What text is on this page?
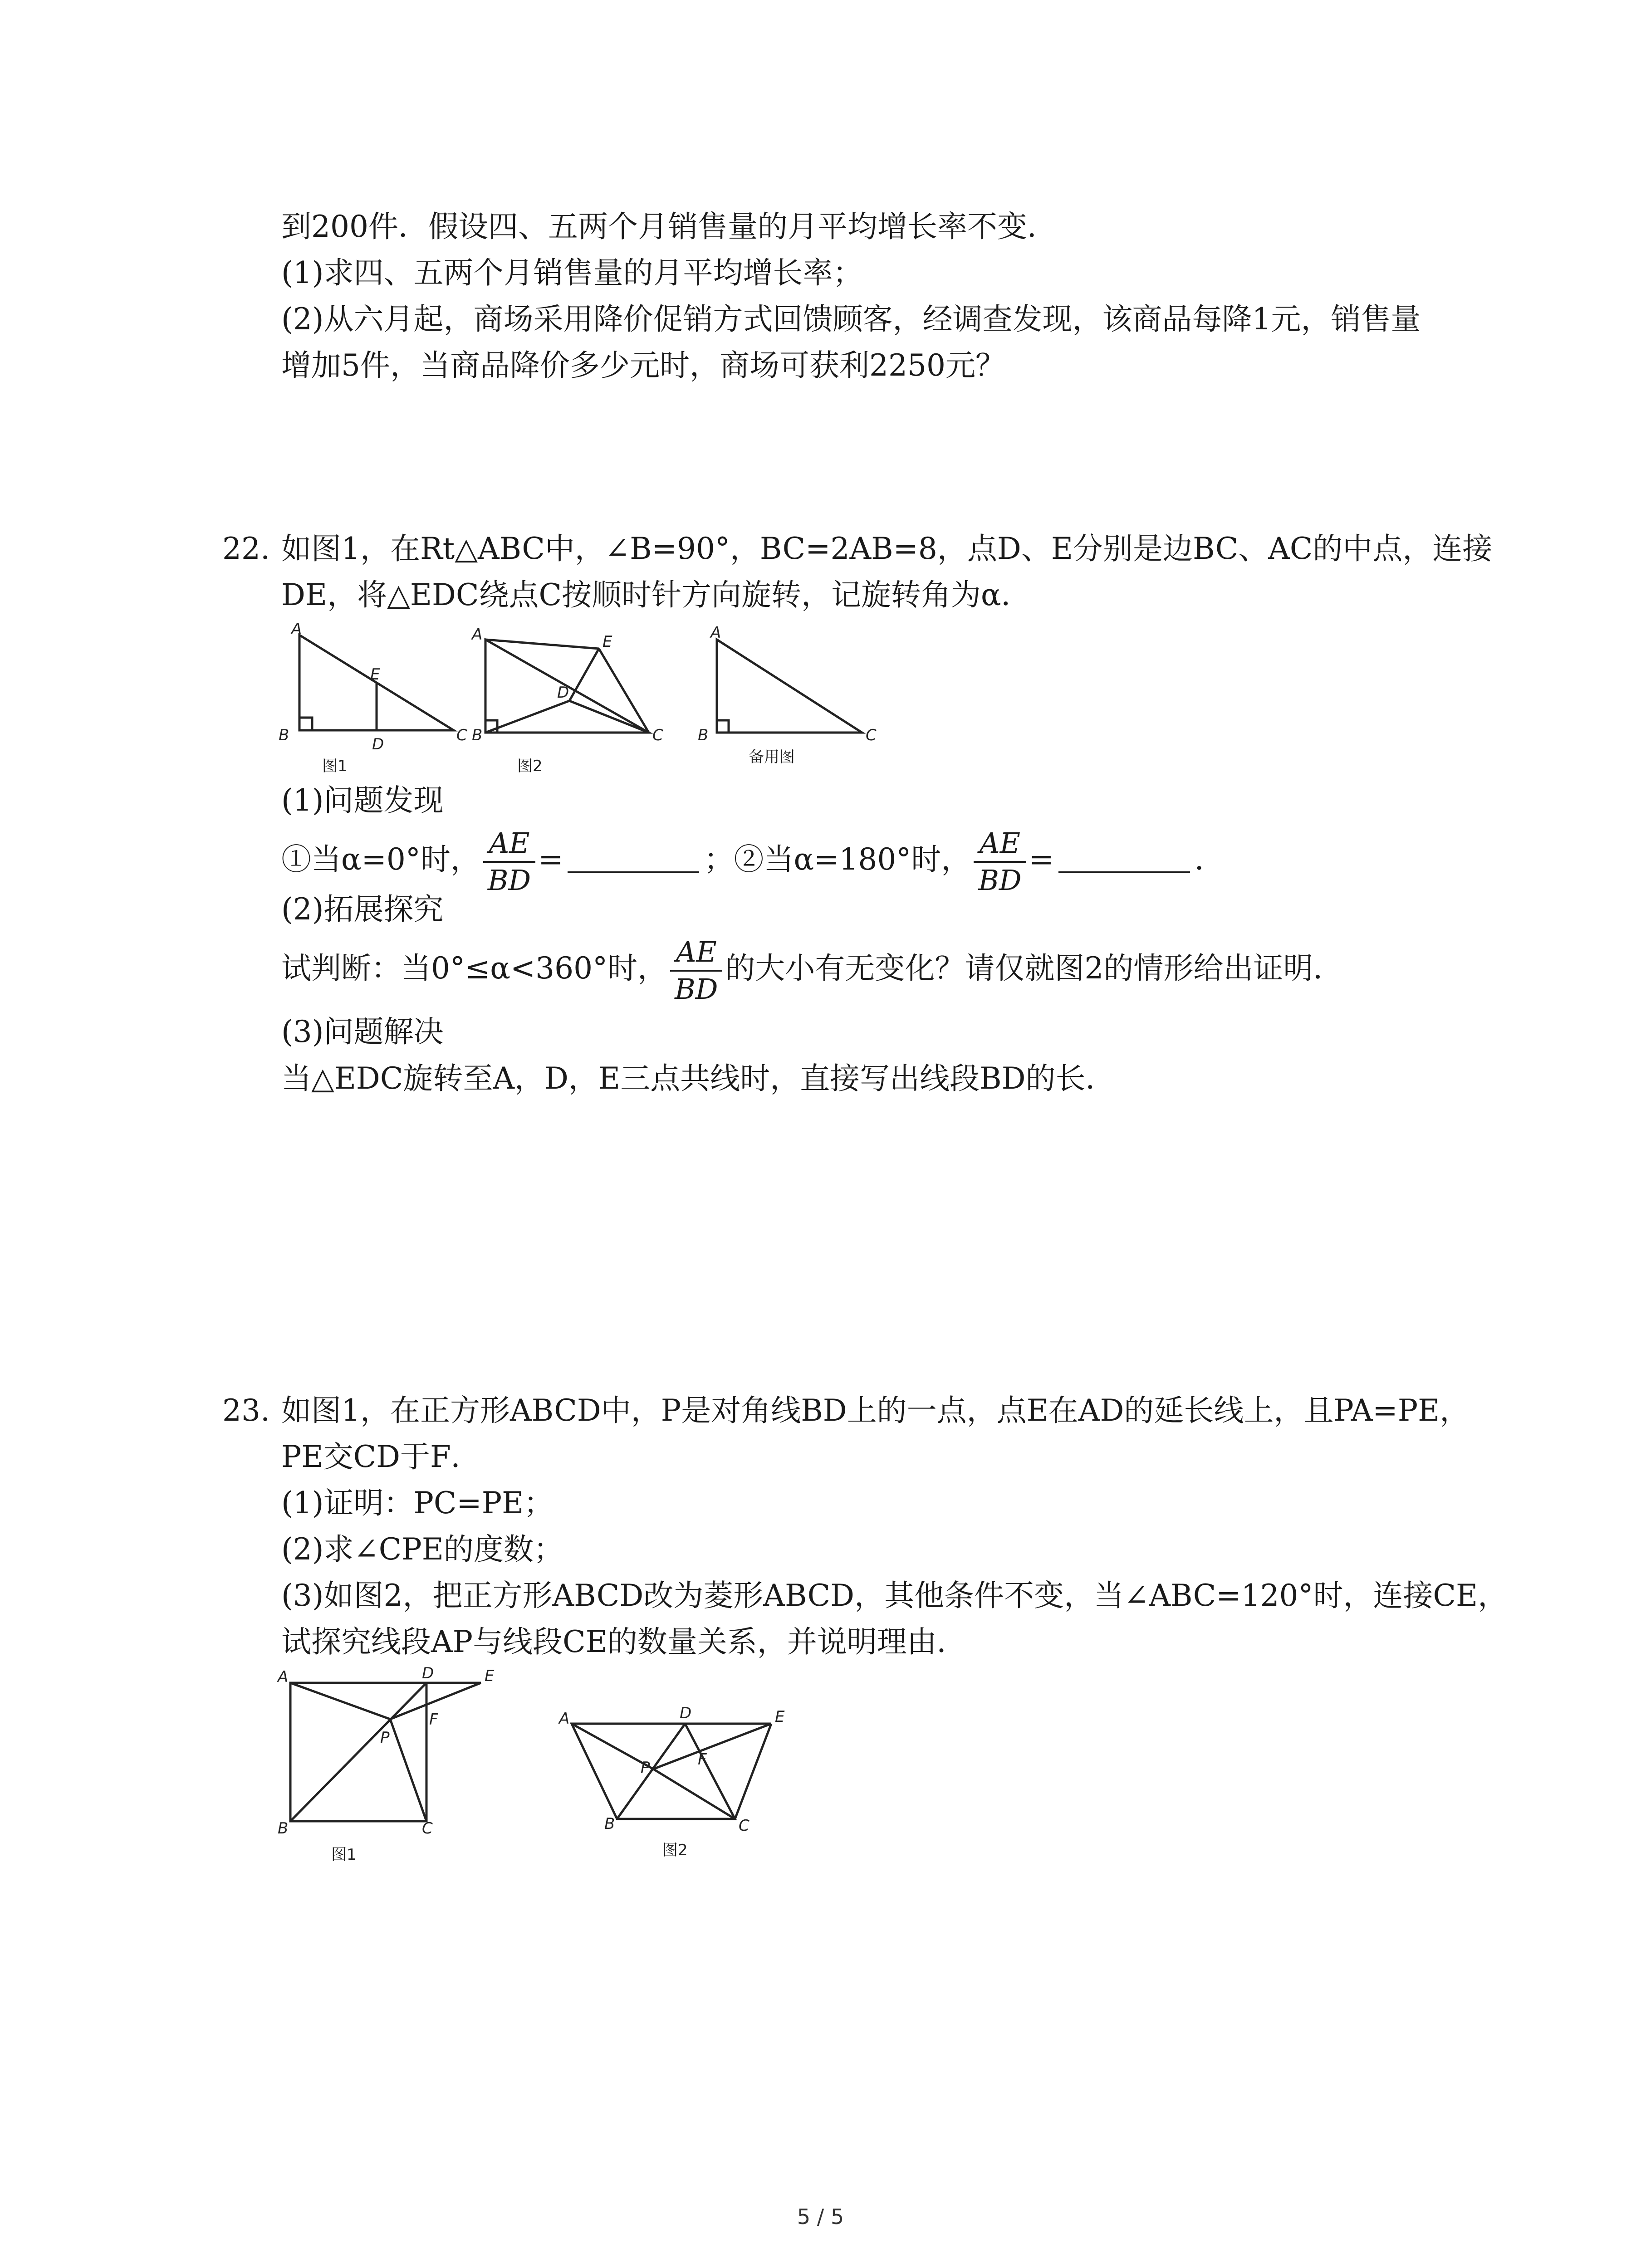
到200件．假设四、五两个月销售量的月平均增长率不变．
(1)求四、五两个月销售量的月平均增长率；
(2)从六月起，商场采用降价促销方式回馈顾客，经调查发现，该商品每降1元，销售量
增加5件，当商品降价多少元时，商场可获利2250元？
22. 如图1，在Rt△ABC中，∠B=90°，BC=2AB=8，点D、E分别是边BC、AC的中点，连接
DE，将△EDC绕点C按顺时针方向旋转，记旋转角为α．
A
B	C
D
E
图1
A
B	C
D
E
图2
A
B	C
备用图
(1)问题发现
①当α=0°时， $\frac{AE}{BD}$ =	；②当α=180°时， $\frac{AE}{BD}$ =	．
(2)拓展探究
试判断：当0°≤α<360°时， $\frac{AE}{BD}$ 的大小有无变化？请仅就图2的情形给出证明．
(3)问题解决
当△EDC旋转至A，D，E三点共线时，直接写出线段BD的长．
23. 如图1，在正方形ABCD中，P是对角线BD上的一点，点E在AD的延长线上，且PA=PE，
PE交CD于F．
(1)证明：PC=PE；
(2)求∠CPE的度数；
(3)如图2，把正方形ABCD改为菱形ABCD，其他条件不变，当∠ABC=120°时，连接CE，
试探究线段AP与线段CE的数量关系，并说明理由．
A	D	E
F
P
B	C
图1
A	D	E
F
P
B	C
图2
5 / 5
